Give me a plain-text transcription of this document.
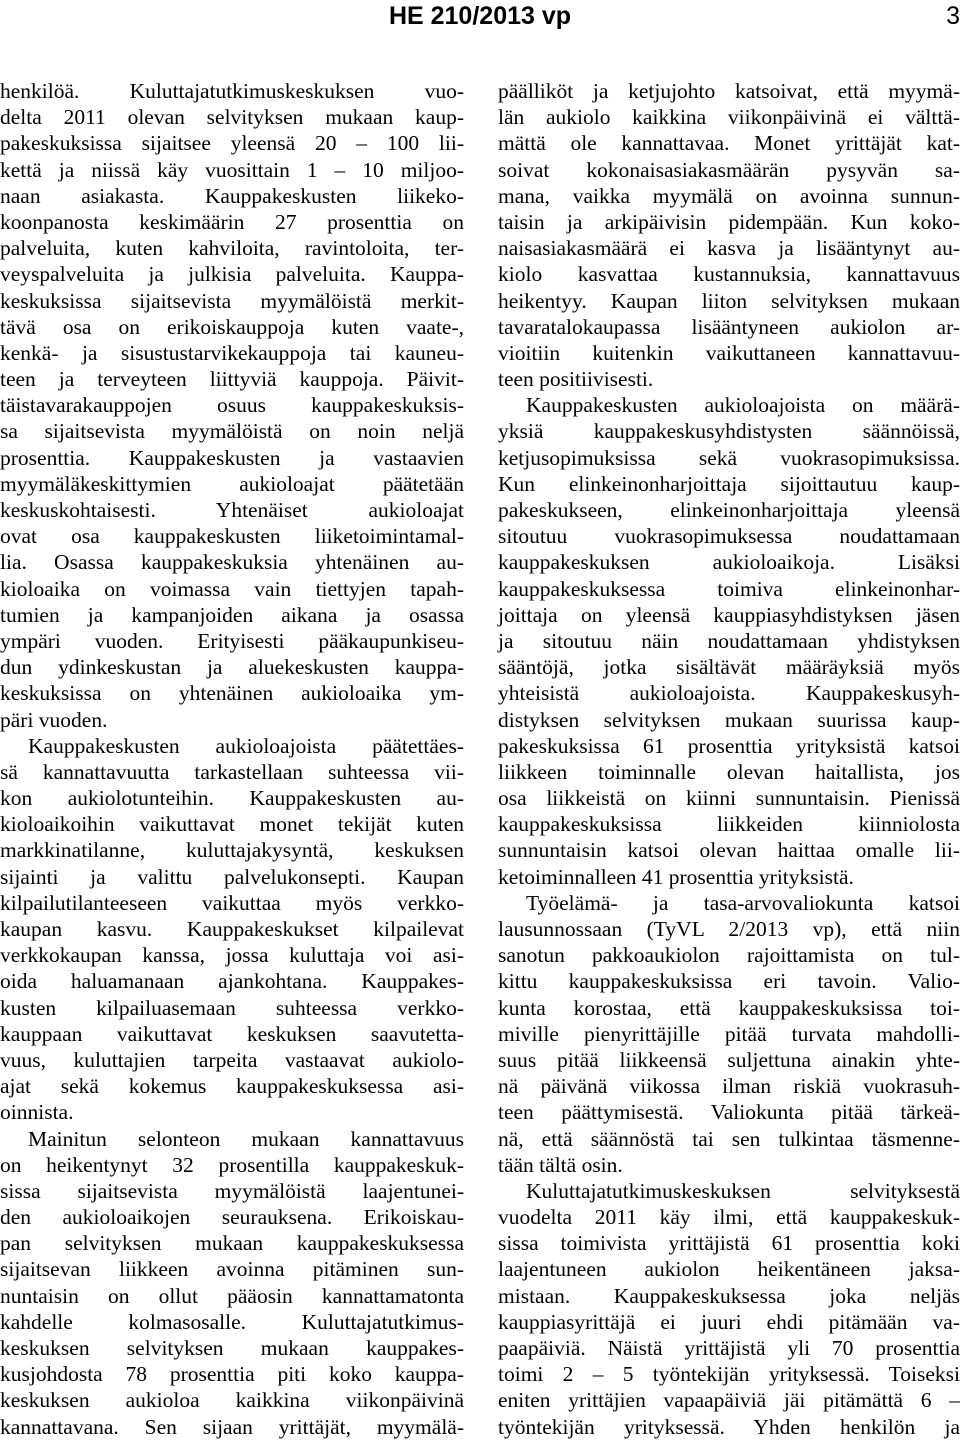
HE 210/2013 vp	3
henkilöä. Kuluttajatutkimuskeskuksen vuo-
delta 2011 olevan selvityksen mukaan kaup-
pakeskuksissa sijaitsee yleensä 20 – 100 lii-
kettä ja niissä käy vuosittain 1 – 10 miljoo-
naan asiakasta. Kauppakeskusten liikeko-
koonpanosta keskimäärin 27 prosenttia on
palveluita, kuten kahviloita, ravintoloita, ter-
veyspalveluita ja julkisia palveluita. Kauppa-
keskuksissa sijaitsevista myymälöistä merkit-
tävä osa on erikoiskauppoja kuten vaate-,
kenkä- ja sisustustarvikekauppoja tai kauneu-
teen ja terveyteen liittyviä kauppoja. Päivit-
täistavarakauppojen osuus kauppakeskuksis-
sa sijaitsevista myymälöistä on noin neljä
prosenttia. Kauppakeskusten ja vastaavien
myymäläkeskittymien aukioloajat päätetään
keskuskohtaisesti. Yhtenäiset aukioloajat
ovat osa kauppakeskusten liiketoimintamal-
lia. Osassa kauppakeskuksia yhtenäinen au-
kioloaika on voimassa vain tiettyjen tapah-
tumien ja kampanjoiden aikana ja osassa
ympäri vuoden. Erityisesti pääkaupunkiseu-
dun ydinkeskustan ja aluekeskusten kauppa-
keskuksissa on yhtenäinen aukioloaika ym-
päri vuoden.
Kauppakeskusten aukioloajoista päätettäes-
sä kannattavuutta tarkastellaan suhteessa vii-
kon aukiolotunteihin. Kauppakeskusten au-
kioloaikoihin vaikuttavat monet tekijät kuten
markkinatilanne, kuluttajakysyntä, keskuksen
sijainti ja valittu palvelukonsepti. Kaupan
kilpailutilanteeseen vaikuttaa myös verkko-
kaupan kasvu. Kauppakeskukset kilpailevat
verkkokaupan kanssa, jossa kuluttaja voi asi-
oida haluamanaan ajankohtana. Kauppakes-
kusten kilpailuasemaan suhteessa verkko-
kauppaan vaikuttavat keskuksen saavutetta-
vuus, kuluttajien tarpeita vastaavat aukiolo-
ajat sekä kokemus kauppakeskuksessa asi-
oinnista.
Mainitun selonteon mukaan kannattavuus
on heikentynyt 32 prosentilla kauppakeskuk-
sissa sijaitsevista myymälöistä laajentunei-
den aukioloaikojen seurauksena. Erikoiskau-
pan selvityksen mukaan kauppakeskuksessa
sijaitsevan liikkeen avoinna pitäminen sun-
nuntaisin on ollut pääosin kannattamatonta
kahdelle kolmasosalle. Kuluttajatutkimus-
keskuksen selvityksen mukaan kauppakes-
kusjohdosta 78 prosenttia piti koko kauppa-
keskuksen aukioloa kaikkina viikonpäivinä
kannattavana. Sen sijaan yrittäjät, myymälä-
päälliköt ja ketjujohto katsoivat, että myymä-
län aukiolo kaikkina viikonpäivinä ei välttä-
mättä ole kannattavaa. Monet yrittäjät kat-
soivat kokonaisasiakasmäärän pysyvän sa-
mana, vaikka myymälä on avoinna sunnun-
taisin ja arkipäivisin pidempään. Kun koko-
naisasiakasmäärä ei kasva ja lisääntynyt au-
kiolo kasvattaa kustannuksia, kannattavuus
heikentyy. Kaupan liiton selvityksen mukaan
tavaratalokaupassa lisääntyneen aukiolon ar-
vioitiin kuitenkin vaikuttaneen kannattavuu-
teen positiivisesti.
Kauppakeskusten aukioloajoista on määrä-
yksiä kauppakeskusyhdistysten säännöissä,
ketjusopimuksissa sekä vuokrasopimuksissa.
Kun elinkeinonharjoittaja sijoittautuu kaup-
pakeskukseen, elinkeinonharjoittaja yleensä
sitoutuu vuokrasopimuksessa noudattamaan
kauppakeskuksen aukioloaikoja. Lisäksi
kauppakeskuksessa toimiva elinkeinonhar-
joittaja on yleensä kauppiasyhdistyksen jäsen
ja sitoutuu näin noudattamaan yhdistyksen
sääntöjä, jotka sisältävät määräyksiä myös
yhteisistä aukioloajoista. Kauppakeskusyh-
distyksen selvityksen mukaan suurissa kaup-
pakeskuksissa 61 prosenttia yrityksistä katsoi
liikkeen toiminnalle olevan haitallista, jos
osa liikkeistä on kiinni sunnuntaisin. Pienissä
kauppakeskuksissa liikkeiden kiinniolosta
sunnuntaisin katsoi olevan haittaa omalle lii-
ketoiminnalleen 41 prosenttia yrityksistä.
Työelämä- ja tasa-arvovaliokunta katsoi
lausunnossaan (TyVL 2/2013 vp), että niin
sanotun pakkoaukiolon rajoittamista on tul-
kittu kauppakeskuksissa eri tavoin. Valio-
kunta korostaa, että kauppakeskuksissa toi-
miville pienyrittäjille pitää turvata mahdolli-
suus pitää liikkeensä suljettuna ainakin yhte-
nä päivänä viikossa ilman riskiä vuokrasuh-
teen päättymisestä. Valiokunta pitää tärkeä-
nä, että säännöstä tai sen tulkintaa täsmenne-
tään tältä osin.
Kuluttajatutkimuskeskuksen selvityksestä
vuodelta 2011 käy ilmi, että kauppakeskuk-
sissa toimivista yrittäjistä 61 prosenttia koki
laajentuneen aukiolon heikentäneen jaksa-
mistaan. Kauppakeskuksessa joka neljäs
kauppiasyrittäjä ei juuri ehdi pitämään va-
paapäiviä. Näistä yrittäjistä yli 70 prosenttia
toimi 2 – 5 työntekijän yrityksessä. Toiseksi
eniten yrittäjien vapaapäiviä jäi pitämättä 6 –
työntekijän yrityksessä. Yhden henkilön ja
